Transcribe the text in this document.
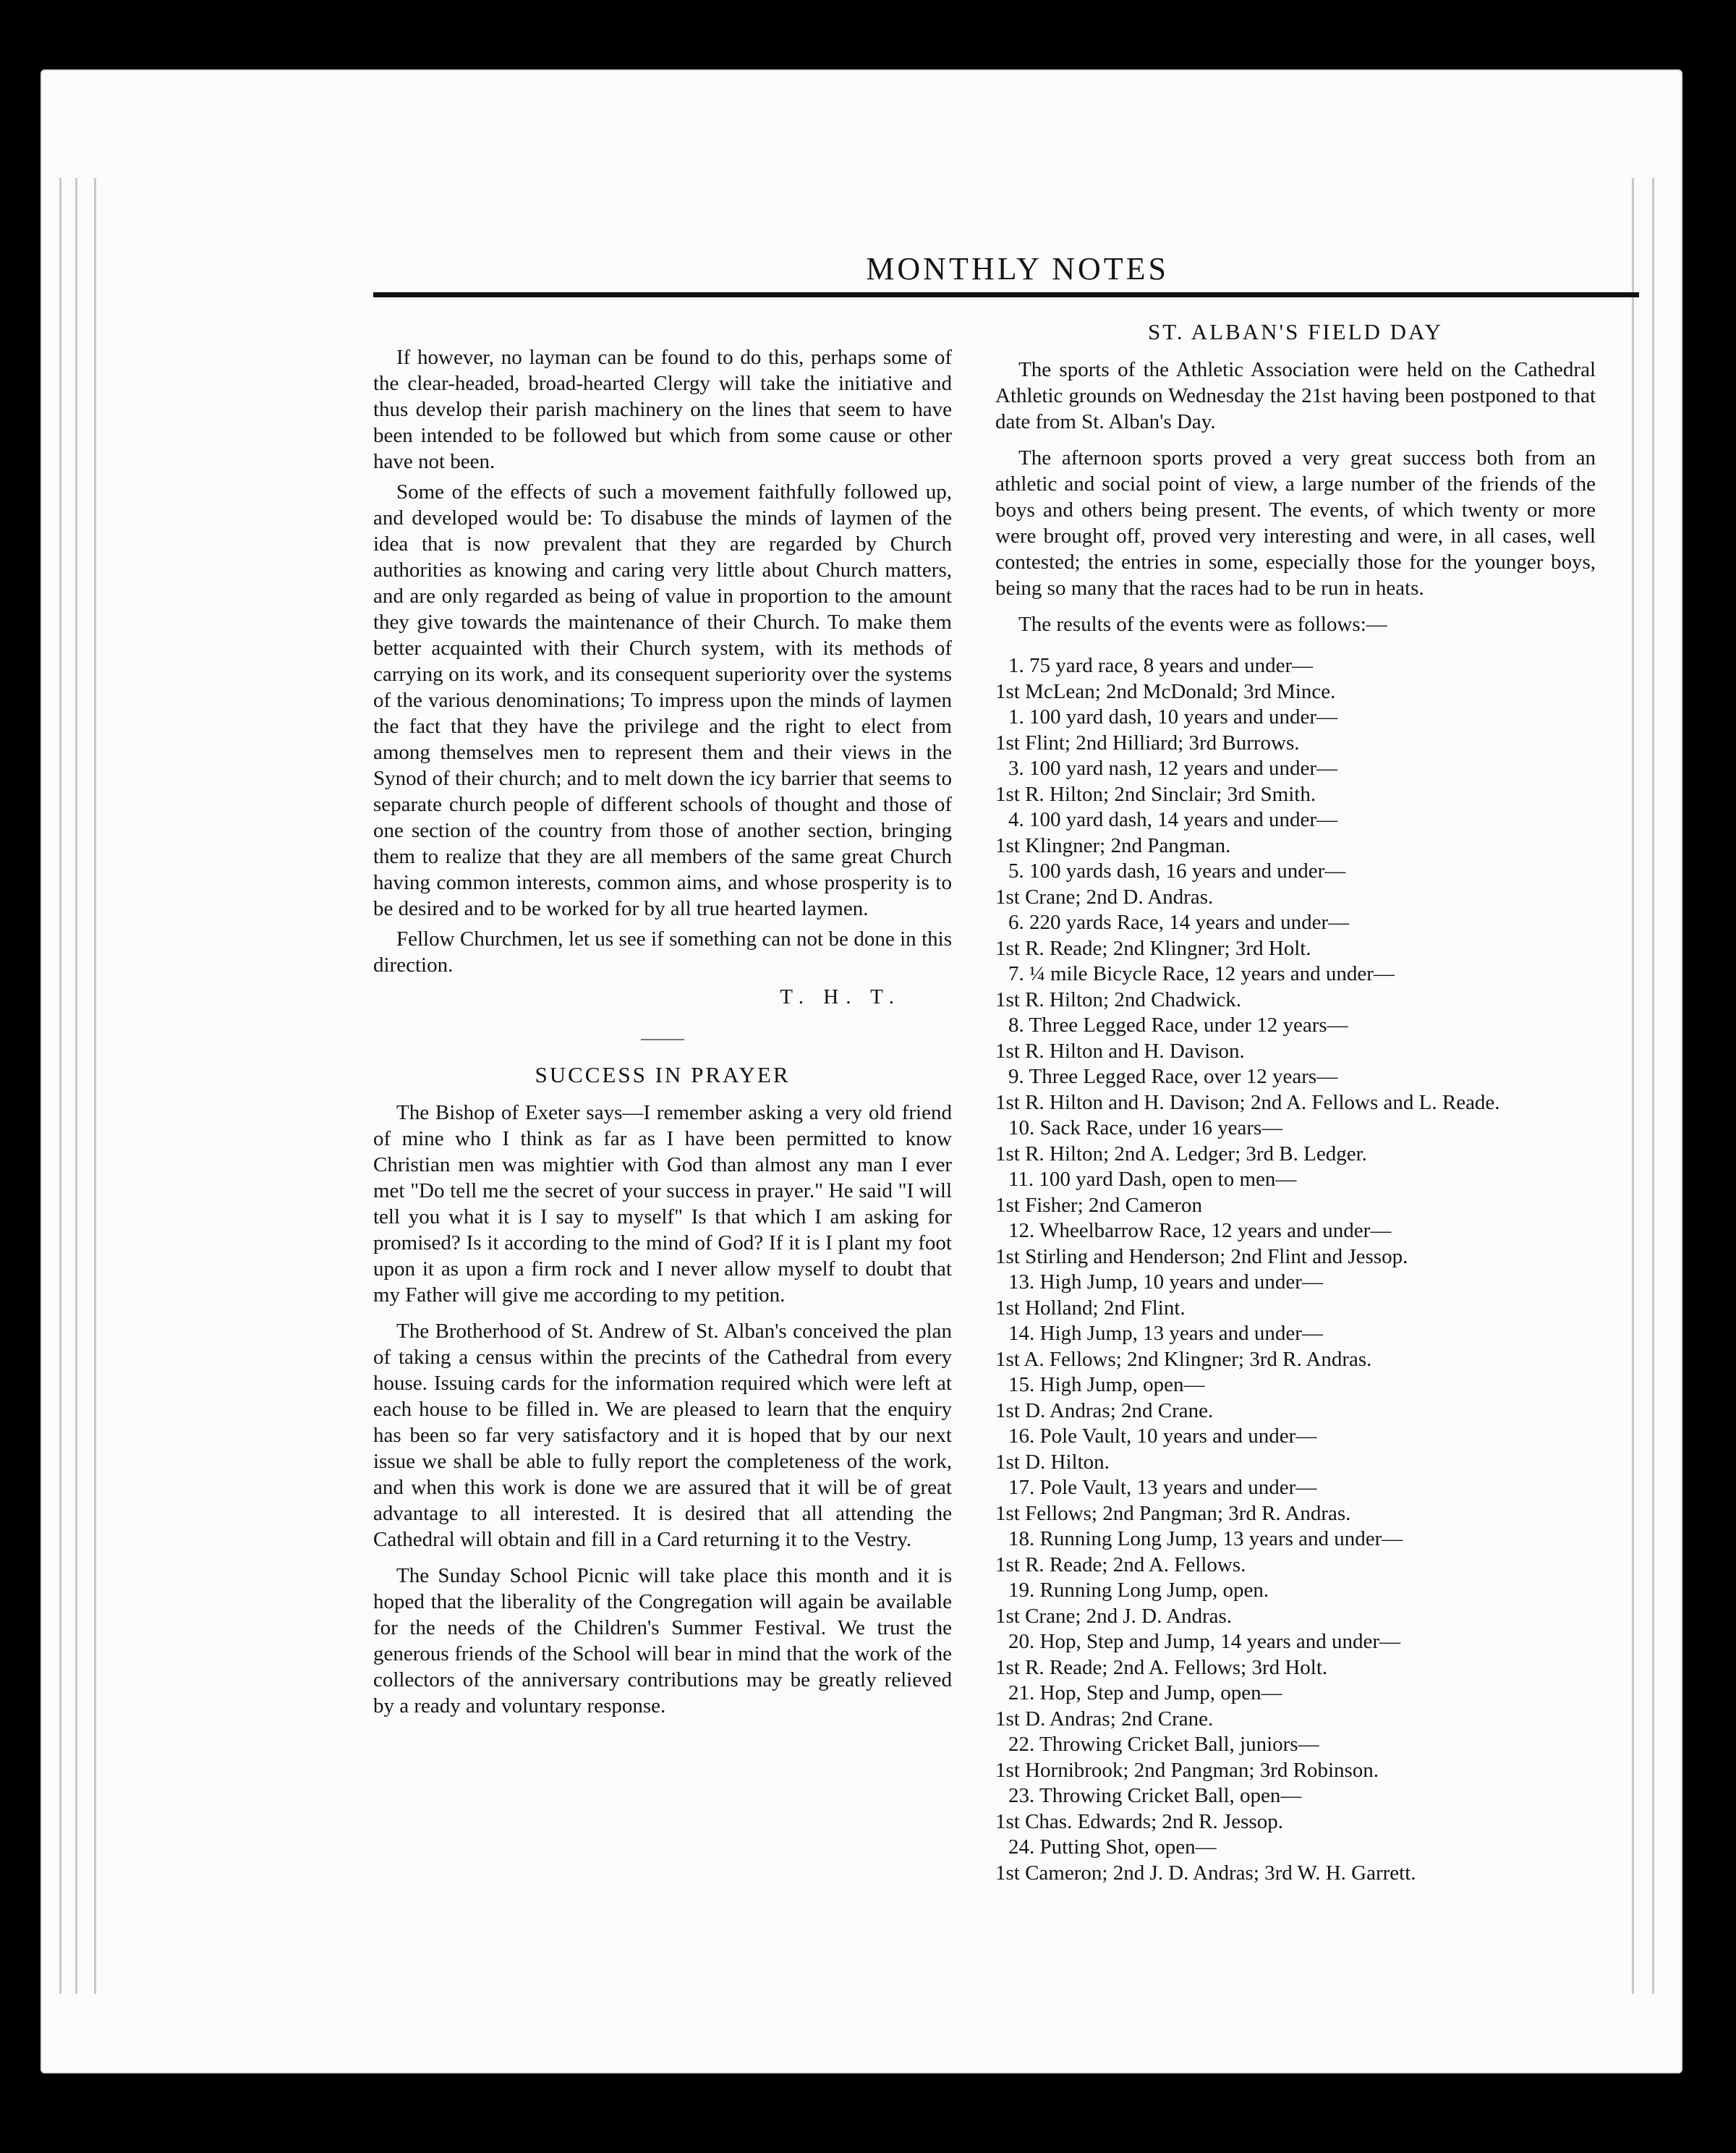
MONTHLY NOTES

If however, no layman can be found to do this, perhaps some of the clear-headed, broad-hearted Clergy will take the initiative and thus develop their parish machinery on the lines that seem to have been intended to be followed but which from some cause or other have not been.

Some of the effects of such a movement faithfully followed up, and developed would be: To disabuse the minds of laymen of the idea that is now prevalent that they are regarded by Church authorities as knowing and caring very little about Church matters, and are only regarded as being of value in proportion to the amount they give towards the maintenance of their Church. To make them better acquainted with their Church system, with its methods of carrying on its work, and its consequent superiority over the systems of the various denominations; To impress upon the minds of laymen the fact that they have the privilege and the right to elect from among themselves men to represent them and their views in the Synod of their church; and to melt down the icy barrier that seems to separate church people of different schools of thought and those of one section of the country from those of another section, bringing them to realize that they are all members of the same great Church having common interests, common aims, and whose prosperity is to be desired and to be worked for by all true hearted laymen.

Fellow Churchmen, let us see if something can not be done in this direction.

T. H. T.

SUCCESS IN PRAYER

The Bishop of Exeter says—I remember asking a very old friend of mine who I think as far as I have been permitted to know Christian men was mightier with God than almost any man I ever met "Do tell me the secret of your success in prayer." He said "I will tell you what it is I say to myself" Is that which I am asking for promised? Is it according to the mind of God? If it is I plant my foot upon it as upon a firm rock and I never allow myself to doubt that my Father will give me according to my petition.

The Brotherhood of St. Andrew of St. Alban's conceived the plan of taking a census within the precints of the Cathedral from every house. Issuing cards for the information required which were left at each house to be filled in. We are pleased to learn that the enquiry has been so far very satisfactory and it is hoped that by our next issue we shall be able to fully report the completeness of the work, and when this work is done we are assured that it will be of great advantage to all interested. It is desired that all attending the Cathedral will obtain and fill in a Card returning it to the Vestry.

The Sunday School Picnic will take place this month and it is hoped that the liberality of the Congregation will again be available for the needs of the Children's Summer Festival. We trust the generous friends of the School will bear in mind that the work of the collectors of the anniversary contributions may be greatly relieved by a ready and voluntary response.

ST. ALBAN'S FIELD DAY

The sports of the Athletic Association were held on the Cathedral Athletic grounds on Wednesday the 21st having been postponed to that date from St. Alban's Day.

The afternoon sports proved a very great success both from an athletic and social point of view, a large number of the friends of the boys and others being present. The events, of which twenty or more were brought off, proved very interesting and were, in all cases, well contested; the entries in some, especially those for the younger boys, being so many that the races had to be run in heats.

The results of the events were as follows:—

1. 75 yard race, 8 years and under—

1st McLean; 2nd McDonald; 3rd Mince.

1. 100 yard dash, 10 years and under—

1st Flint; 2nd Hilliard; 3rd Burrows.

3. 100 yard nash, 12 years and under—

1st R. Hilton; 2nd Sinclair; 3rd Smith.

4. 100 yard dash, 14 years and under—

1st Klingner; 2nd Pangman.

5. 100 yards dash, 16 years and under—

1st Crane; 2nd D. Andras.

6. 220 yards Race, 14 years and under—

1st R. Reade; 2nd Klingner; 3rd Holt.

7. ¼ mile Bicycle Race, 12 years and under—

1st R. Hilton; 2nd Chadwick.

8. Three Legged Race, under 12 years—

1st R. Hilton and H. Davison.

9. Three Legged Race, over 12 years—

1st R. Hilton and H. Davison; 2nd A. Fellows and L. Reade.

10. Sack Race, under 16 years—

1st R. Hilton; 2nd A. Ledger; 3rd B. Ledger.

11. 100 yard Dash, open to men—

1st Fisher; 2nd Cameron

12. Wheelbarrow Race, 12 years and under—

1st Stirling and Henderson; 2nd Flint and Jessop.

13. High Jump, 10 years and under—

1st Holland; 2nd Flint.

14. High Jump, 13 years and under—

1st A. Fellows; 2nd Klingner; 3rd R. Andras.

15. High Jump, open—

1st D. Andras; 2nd Crane.

16. Pole Vault, 10 years and under—

1st D. Hilton.

17. Pole Vault, 13 years and under—

1st Fellows; 2nd Pangman; 3rd R. Andras.

18. Running Long Jump, 13 years and under—

1st R. Reade; 2nd A. Fellows.

19. Running Long Jump, open.

1st Crane; 2nd J. D. Andras.

20. Hop, Step and Jump, 14 years and under—

1st R. Reade; 2nd A. Fellows; 3rd Holt.

21. Hop, Step and Jump, open—

1st D. Andras; 2nd Crane.

22. Throwing Cricket Ball, juniors—

1st Hornibrook; 2nd Pangman; 3rd Robinson.

23. Throwing Cricket Ball, open—

1st Chas. Edwards; 2nd R. Jessop.

24. Putting Shot, open—

1st Cameron; 2nd J. D. Andras; 3rd W. H. Garrett.
